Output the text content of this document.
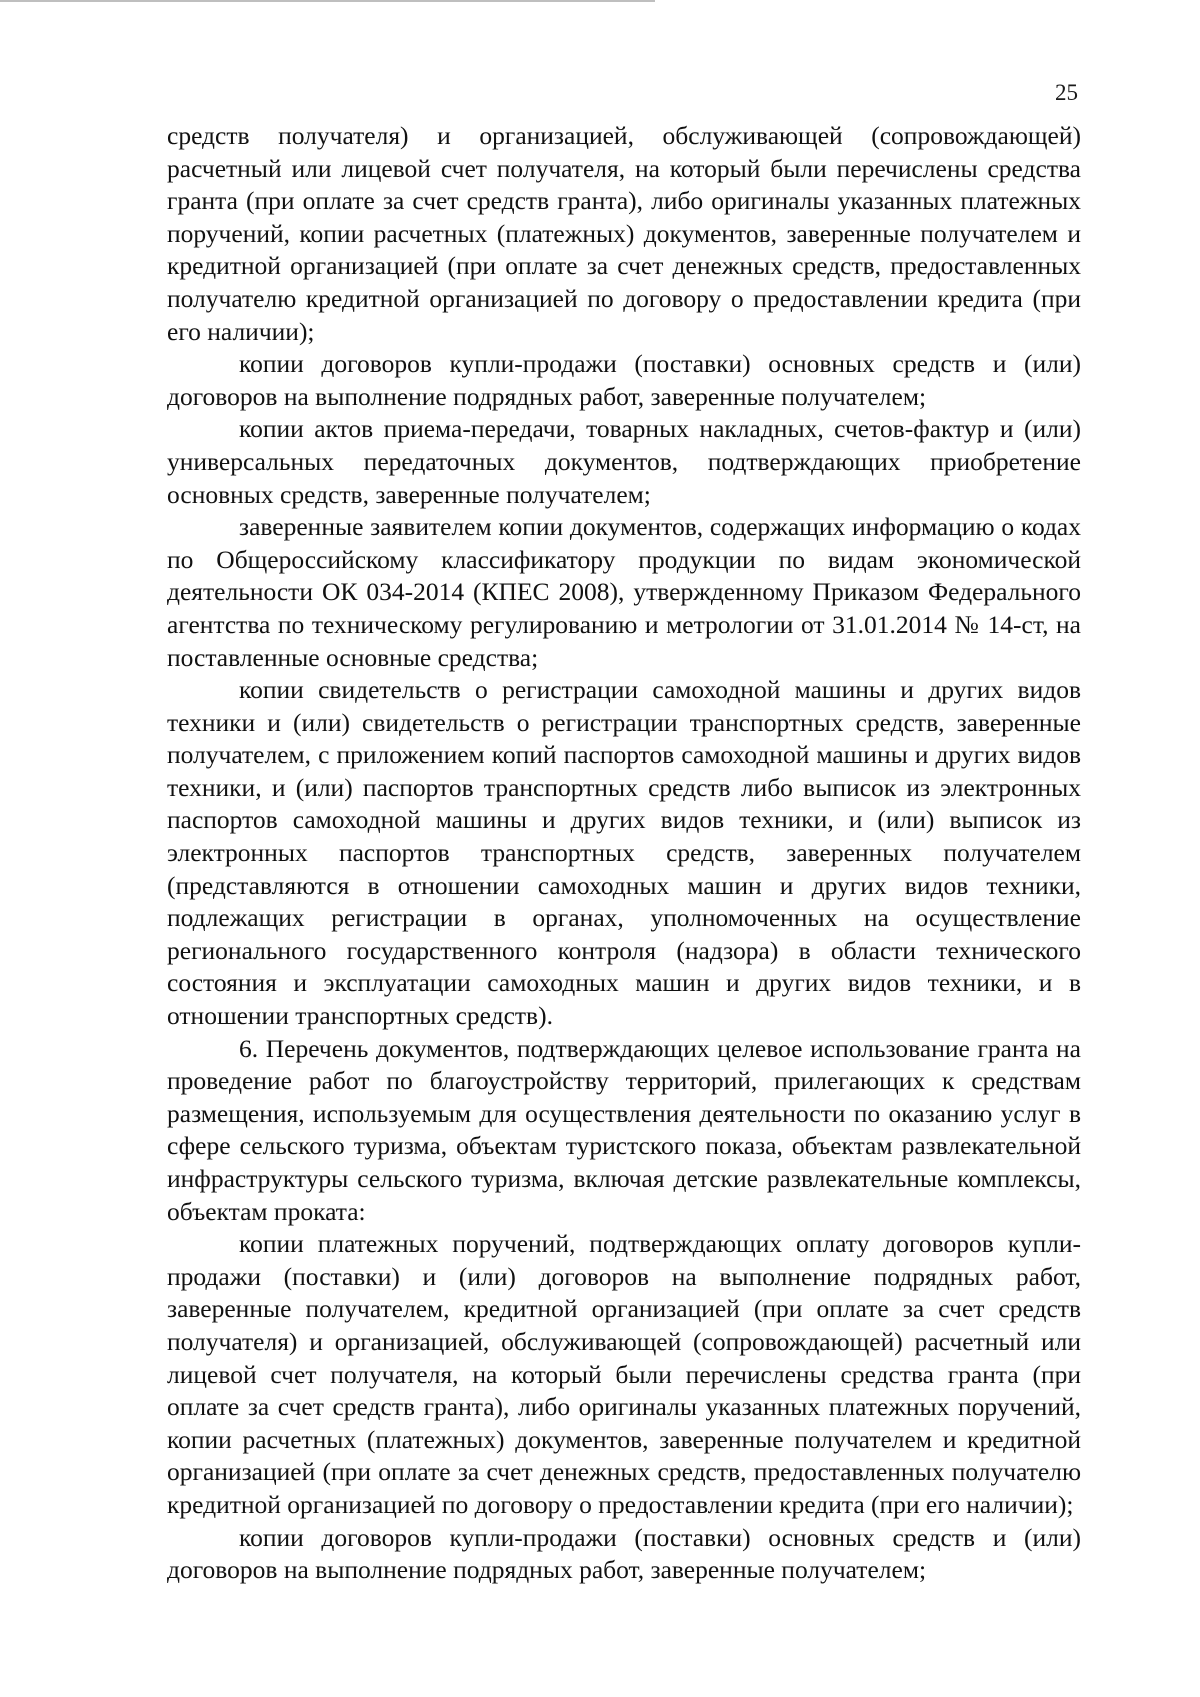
25

средств получателя) и организацией, обслуживающей (сопровождающей) расчетный или лицевой счет получателя, на который были перечислены средства гранта (при оплате за счет средств гранта), либо оригиналы указанных платежных поручений, копии расчетных (платежных) документов, заверенные получателем и кредитной организацией (при оплате за счет денежных средств, предоставленных получателю кредитной организацией по договору о предоставлении кредита (при его наличии);

копии договоров купли-продажи (поставки) основных средств и (или) договоров на выполнение подрядных работ, заверенные получателем;

копии актов приема-передачи, товарных накладных, счетов-фактур и (или) универсальных передаточных документов, подтверждающих приобретение основных средств, заверенные получателем;

заверенные заявителем копии документов, содержащих информацию о кодах по Общероссийскому классификатору продукции по видам экономической деятельности ОК 034-2014 (КПЕС 2008), утвержденному Приказом Федерального агентства по техническому регулированию и метрологии от 31.01.2014 № 14-ст, на поставленные основные средства;

копии свидетельств о регистрации самоходной машины и других видов техники и (или) свидетельств о регистрации транспортных средств, заверенные получателем, с приложением копий паспортов самоходной машины и других видов техники, и (или) паспортов транспортных средств либо выписок из электронных паспортов самоходной машины и других видов техники, и (или) выписок из электронных паспортов транспортных средств, заверенных получателем (представляются в отношении самоходных машин и других видов техники, подлежащих регистрации в органах, уполномоченных на осуществление регионального государственного контроля (надзора) в области технического состояния и эксплуатации самоходных машин и других видов техники, и в отношении транспортных средств).

6. Перечень документов, подтверждающих целевое использование гранта на проведение работ по благоустройству территорий, прилегающих к средствам размещения, используемым для осуществления деятельности по оказанию услуг в сфере сельского туризма, объектам туристского показа, объектам развлекательной инфраструктуры сельского туризма, включая детские развлекательные комплексы, объектам проката:

копии платежных поручений, подтверждающих оплату договоров купли-продажи (поставки) и (или) договоров на выполнение подрядных работ, заверенные получателем, кредитной организацией (при оплате за счет средств получателя) и организацией, обслуживающей (сопровождающей) расчетный или лицевой счет получателя, на который были перечислены средства гранта (при оплате за счет средств гранта), либо оригиналы указанных платежных поручений, копии расчетных (платежных) документов, заверенные получателем и кредитной организацией (при оплате за счет денежных средств, предоставленных получателю кредитной организацией по договору о предоставлении кредита (при его наличии);

копии договоров купли-продажи (поставки) основных средств и (или) договоров на выполнение подрядных работ, заверенные получателем;
